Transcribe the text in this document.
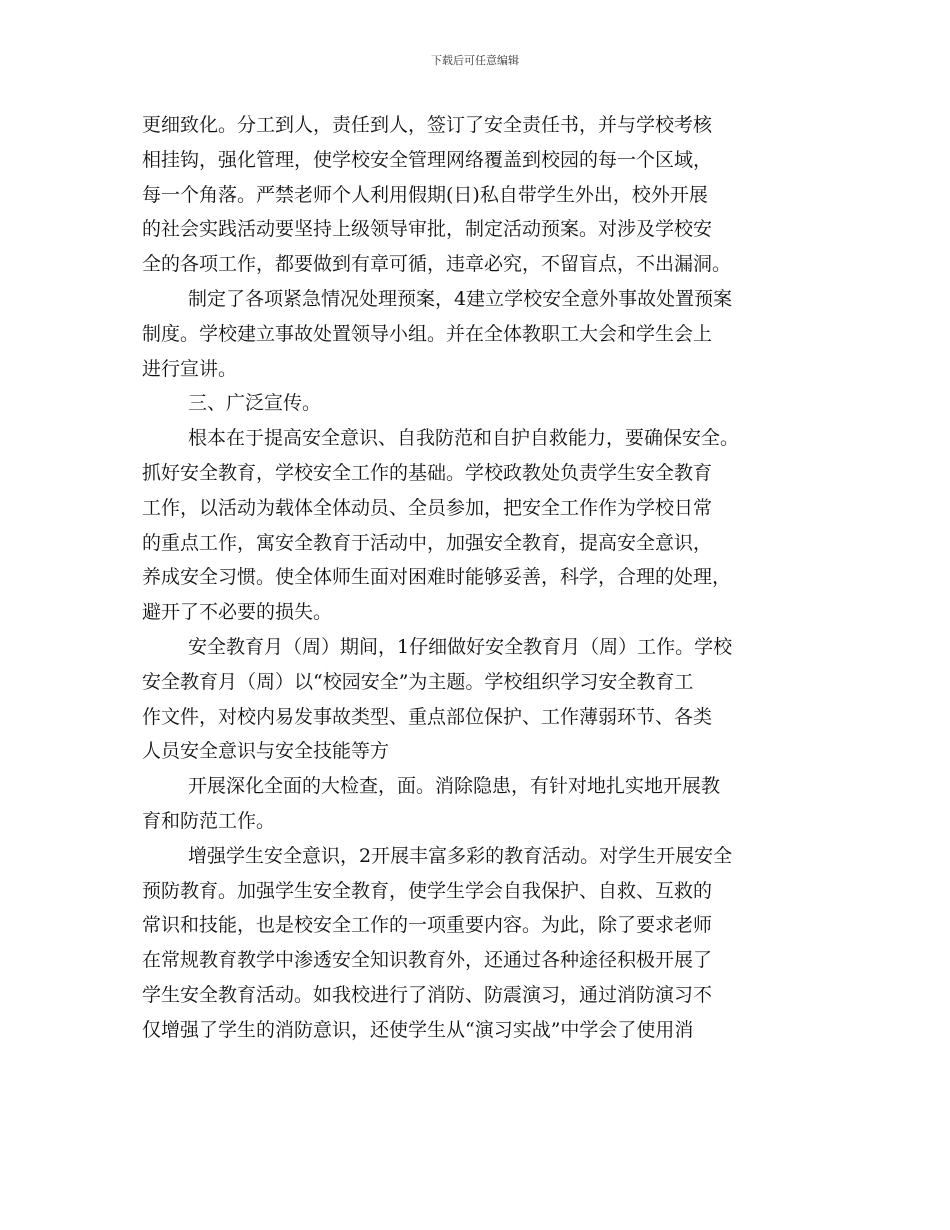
下载后可任意编辑
更细致化。分工到人，责任到人，签订了安全责任书，并与学校考核
相挂钩，强化管理，使学校安全管理网络覆盖到校园的每一个区域，
每一个角落。严禁老师个人利用假期(日)私自带学生外出，校外开展
的社会实践活动要坚持上级领导审批，制定活动预案。对涉及学校安
全的各项工作，都要做到有章可循，违章必究，不留盲点，不出漏洞。
制定了各项紧急情况处理预案，4建立学校安全意外事故处置预案
制度。学校建立事故处置领导小组。并在全体教职工大会和学生会上
进行宣讲。
三、广泛宣传。
根本在于提高安全意识、自我防范和自护自救能力，要确保安全。
抓好安全教育，学校安全工作的基础。学校政教处负责学生安全教育
工作，以活动为载体全体动员、全员参加，把安全工作作为学校日常
的重点工作，寓安全教育于活动中，加强安全教育，提高安全意识，
养成安全习惯。使全体师生面对困难时能够妥善，科学，合理的处理，
避开了不必要的损失。
安全教育月（周）期间，1仔细做好安全教育月（周）工作。学校
安全教育月（周）以“校园安全”为主题。学校组织学习安全教育工
作文件，对校内易发事故类型、重点部位保护、工作薄弱环节、各类
人员安全意识与安全技能等方
开展深化全面的大检查，面。消除隐患，有针对地扎实地开展教
育和防范工作。
增强学生安全意识，2开展丰富多彩的教育活动。对学生开展安全
预防教育。加强学生安全教育，使学生学会自我保护、自救、互救的
常识和技能，也是校安全工作的一项重要内容。为此，除了要求老师
在常规教育教学中渗透安全知识教育外，还通过各种途径积极开展了
学生安全教育活动。如我校进行了消防、防震演习，通过消防演习不
仅增强了学生的消防意识，还使学生从“演习实战”中学会了使用消
